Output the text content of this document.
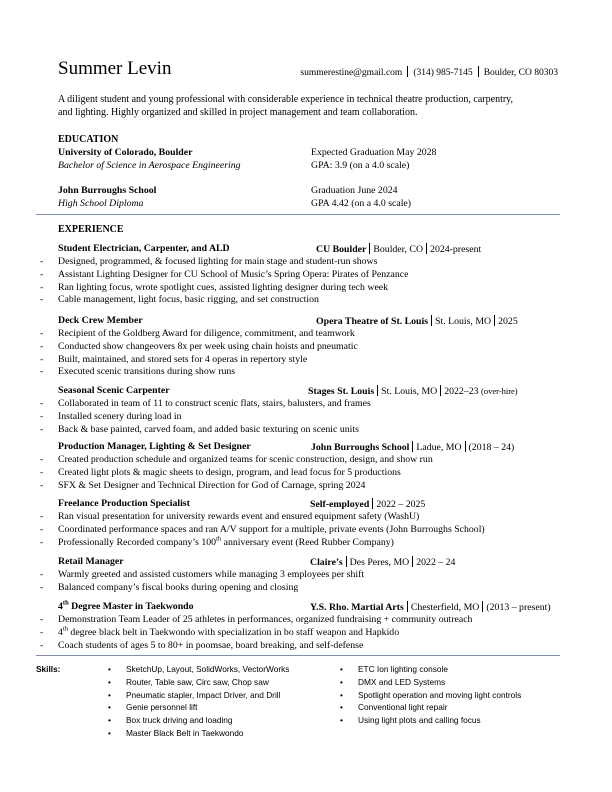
Summer Levin	summerestine@gmail.com (314) 985-7145 Boulder, CO 80303
A diligent student and young professional with considerable experience in technical theatre production, carpentry, and lighting. Highly organized and skilled in project management and team collaboration.
EDUCATION
University of Colorado, Boulder	Expected Graduation May 2028
Bachelor of Science in Aerospace Engineering	GPA: 3.9 (on a 4.0 scale)
John Burroughs School	Graduation June 2024
High School Diploma	GPA 4.42 (on a 4.0 scale)
EXPERIENCE
Student Electrician, Carpenter, and ALD	CU Boulder Boulder, CO 2024-present
- Designed, programmed, & focused lighting for main stage and student-run shows
- Assistant Lighting Designer for CU School of Music’s Spring Opera: Pirates of Penzance
- Ran lighting focus, wrote spotlight cues, assisted lighting designer during tech week
- Cable management, light focus, basic rigging, and set construction
Deck Crew Member	Opera Theatre of St. Louis St. Louis, MO 2025
- Recipient of the Goldberg Award for diligence, commitment, and teamwork
- Conducted show changeovers 8x per week using chain hoists and pneumatic
- Built, maintained, and stored sets for 4 operas in repertory style
- Executed scenic transitions during show runs
Seasonal Scenic Carpenter	Stages St. Louis St. Louis, MO 2022–23 (over-hire)
- Collaborated in team of 11 to construct scenic flats, stairs, balusters, and frames
- Installed scenery during load in
- Back & base painted, carved foam, and added basic texturing on scenic units
Production Manager, Lighting & Set Designer	John Burroughs School Ladue, MO (2018 – 24)
- Created production schedule and organized teams for scenic construction, design, and show run
- Created light plots & magic sheets to design, program, and lead focus for 5 productions
- SFX & Set Designer and Technical Direction for God of Carnage, spring 2024
Freelance Production Specialist	Self-employed 2022 – 2025
- Ran visual presentation for university rewards event and ensured equipment safety (WashU)
- Coordinated performance spaces and ran A/V support for a multiple, private events (John Burroughs School)
- Professionally Recorded company’s 100th anniversary event (Reed Rubber Company)
Retail Manager	Claire’s Des Peres, MO 2022 – 24
- Warmly greeted and assisted customers while managing 3 employees per shift
- Balanced company’s fiscal books during opening and closing
4th Degree Master in Taekwondo	Y.S. Rho. Martial Arts Chesterfield, MO (2013 – present)
- Demonstration Team Leader of 25 athletes in performances, organized fundraising + community outreach
- 4th degree black belt in Taekwondo with specialization in bo staff weapon and Hapkido
- Coach students of ages 5 to 80+ in poomsae, board breaking, and self-defense
Skills:	• SketchUp, Layout, SolidWorks, VectorWorks
• Router, Table saw, Circ saw, Chop saw
• Pneumatic stapler, Impact Driver, and Drill
• Genie personnel lift
• Box truck driving and loading
• Master Black Belt in Taekwondo
• ETC Ion lighting console
• DMX and LED Systems
• Spotlight operation and moving light controls
• Conventional light repair
• Using light plots and calling focus
